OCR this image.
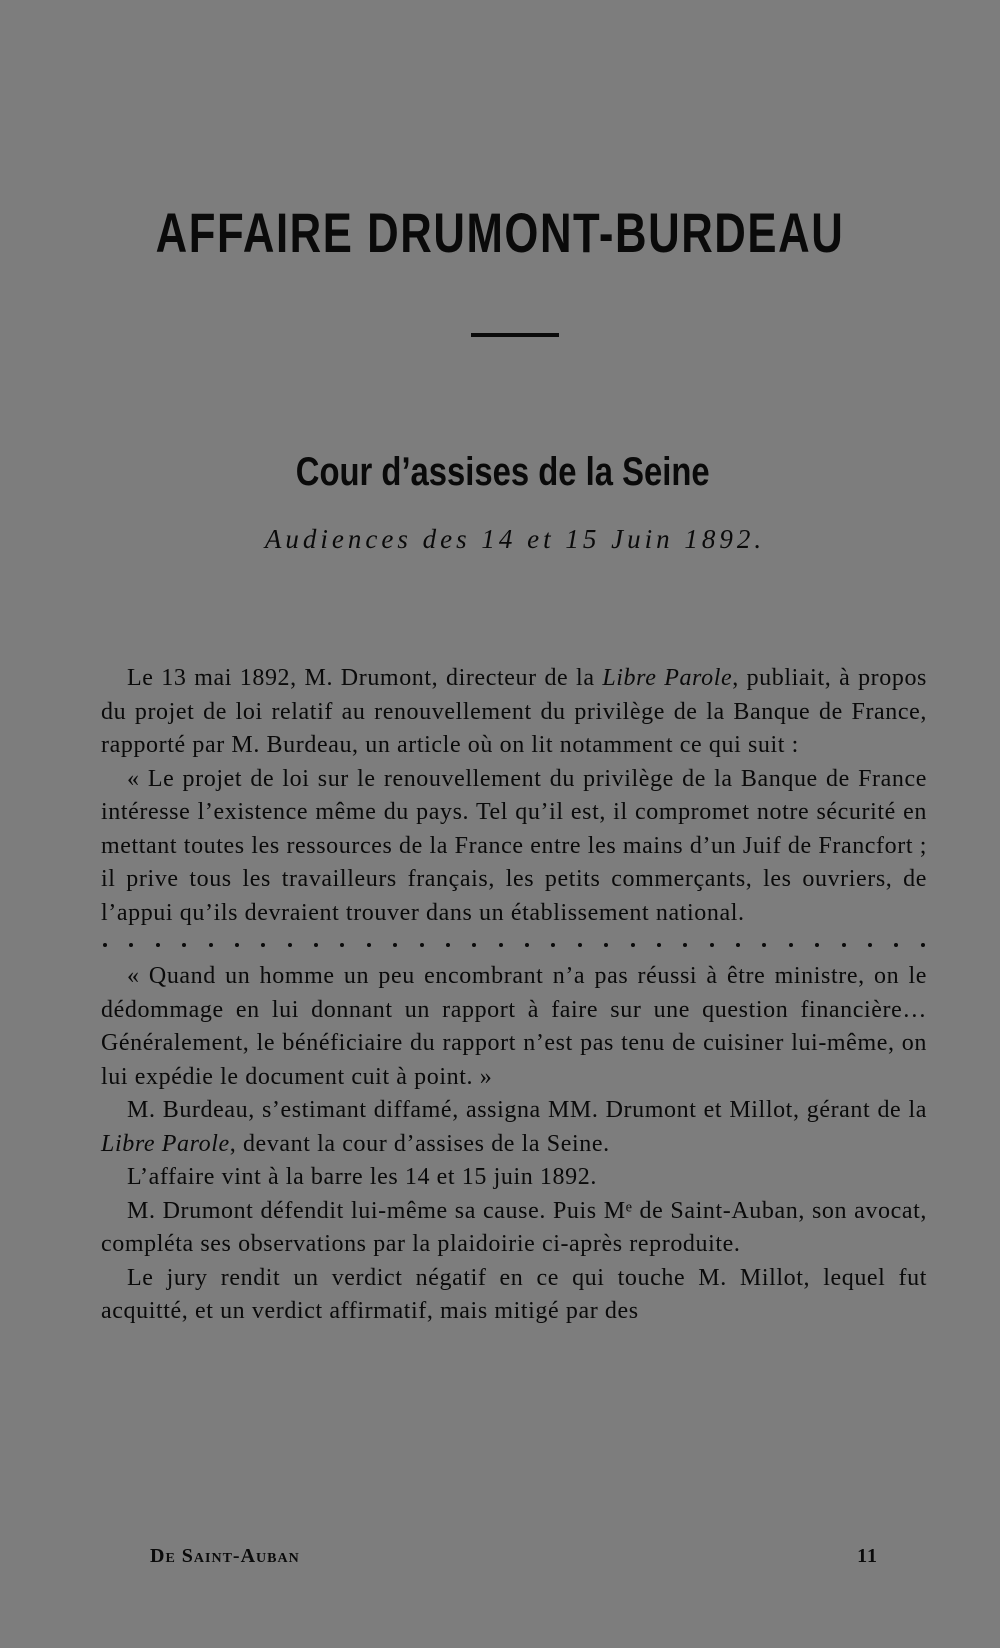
AFFAIRE DRUMONT-BURDEAU
Cour d’assises de la Seine
Audiences des 14 et 15 Juin 1892.

Le 13 mai 1892, M. Drumont, directeur de la Libre Parole, publiait, à propos du projet de loi relatif au renouvellement du privilège de la Banque de France, rapporté par M. Burdeau, un article où on lit notamment ce qui suit :

« Le projet de loi sur le renouvellement du privilège de la Banque de France intéresse l’existence même du pays. Tel qu’il est, il compromet notre sécurité en mettant toutes les ressources de la France entre les mains d’un Juif de Francfort ; il prive tous les travailleurs français, les petits commerçants, les ouvriers, de l’appui qu’ils devraient trouver dans un établissement national.

« Quand un homme un peu encombrant n’a pas réussi à être ministre, on le dédommage en lui donnant un rapport à faire sur une question financière… Généralement, le bénéficiaire du rapport n’est pas tenu de cuisiner lui-même, on lui expédie le document cuit à point. »

M. Burdeau, s’estimant diffamé, assigna MM. Drumont et Millot, gérant de la Libre Parole, devant la cour d’assises de la Seine.

L’affaire vint à la barre les 14 et 15 juin 1892.

M. Drumont défendit lui-même sa cause. Puis Mᵉ de Saint-Auban, son avocat, compléta ses observations par la plaidoirie ci-après reproduite.

Le jury rendit un verdict négatif en ce qui touche M. Millot, lequel fut acquitté, et un verdict affirmatif, mais mitigé par des

De Saint-Auban	11
